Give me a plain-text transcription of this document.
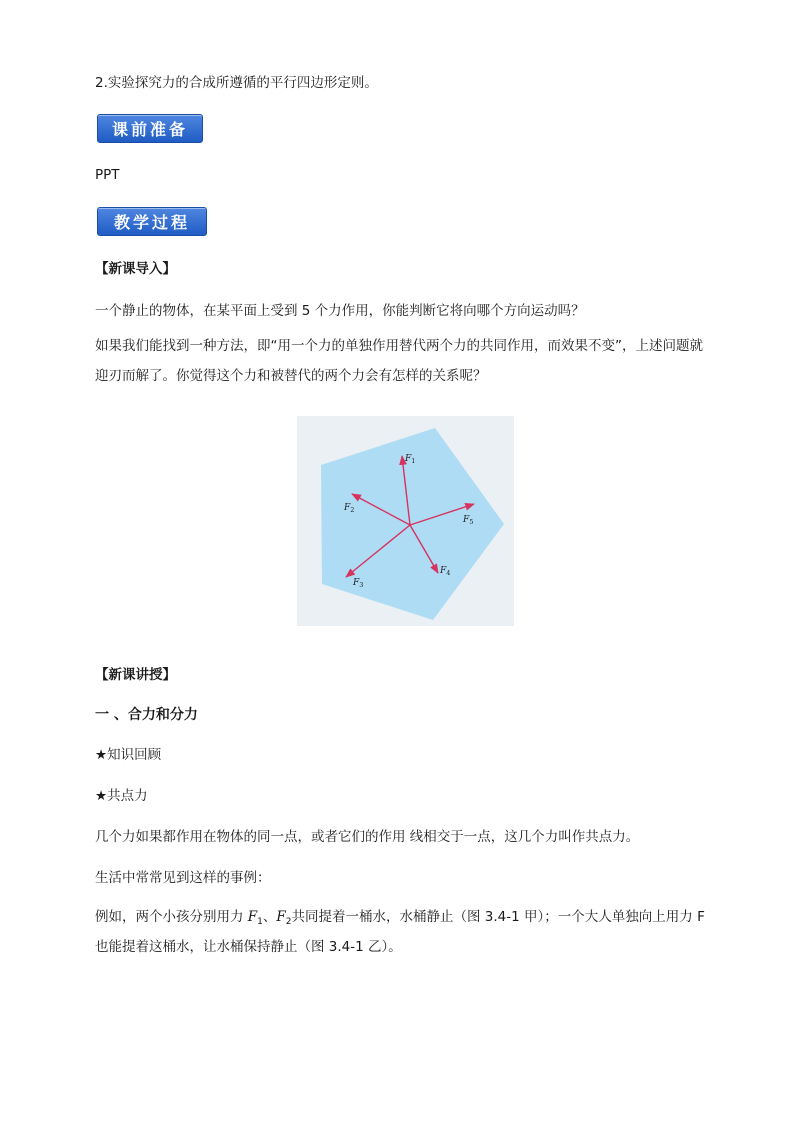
2.实验探究力的合成所遵循的平行四边形定则。
课前准备
PPT
教学过程
【新课导入】
一个静止的物体，在某平面上受到 5 个力作用，你能判断它将向哪个方向运动吗？
如果我们能找到一种方法，即“用一个力的单独作用替代两个力的共同作用，而效果不变”，上述问题就迎刃而解了。你觉得这个力和被替代的两个力会有怎样的关系呢？
$F_1$
$F_2$
$F_3$
$F_4$
$F_5$
【新课讲授】
一 、合力和分力
★知识回顾
★共点力
几个力如果都作用在物体的同一点，或者它们的作用 线相交于一点，这几个力叫作共点力。
生活中常常见到这样的事例：
例如，两个小孩分别用力 $F_1$、$F_2$共同提着一桶水，水桶静止（图 3.4-1 甲）；一个大人单独向上用力 F 也能提着这桶水，让水桶保持静止（图 3.4-1 乙）。
